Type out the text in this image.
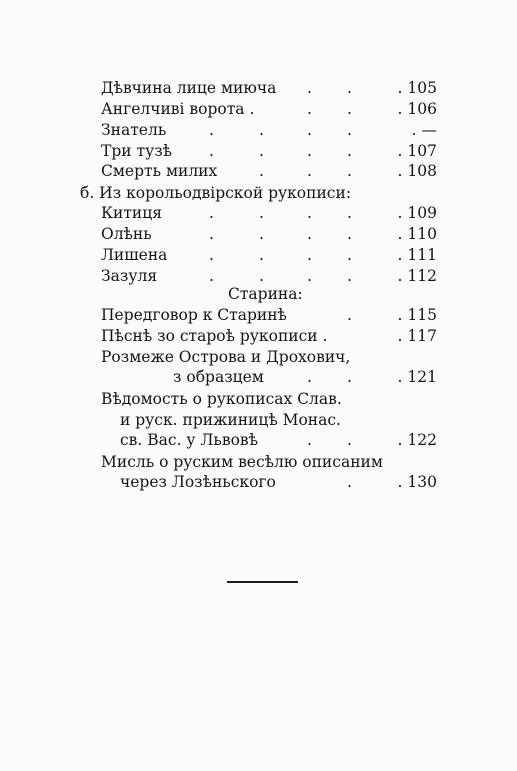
Дѣвчина лице миюча . .	. 105
Ангелчиві ворота .	. .	. 106
Знатель	.	.	. .	. —
Три тузѣ .	.	. .	. 107
Смерть милих	.	. .	. 108
б. Из корольодвірской рукописи:
Китиця	.	.	. .	. 109
Олѣнь	.	.	. .	. 110
Лишена	.	.	. .	. 111
Зазуля	.	.	. .	. 112
Старина:
Передговор к Старинѣ	.	. 115
Пѣснѣ зо староѣ рукописи .	. 117
Розмеже Острова и Дрохович,
з образцем	. .	. 121
Вѣдомость о рукописах Слав.
и руск. прижиницѣ Монас.
св. Вас. у Львовѣ	. .	. 122
Мисль о руским весѣлю описаним
через Лозѣньского	.	. 130
